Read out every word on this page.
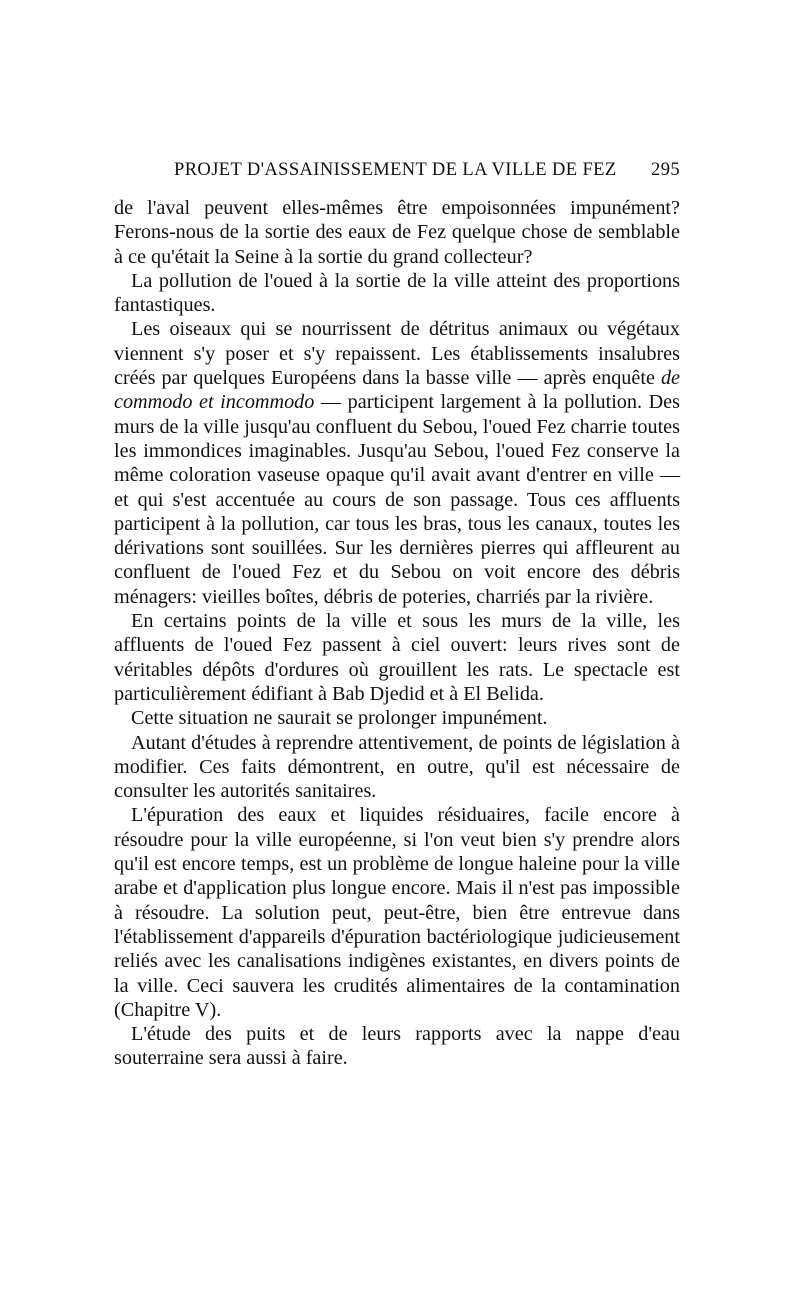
PROJET D'ASSAINISSEMENT DE LA VILLE DE FEZ 295

de l'aval peuvent elles-mêmes être empoisonnées impunément? Ferons-nous de la sortie des eaux de Fez quelque chose de semblable à ce qu'était la Seine à la sortie du grand collecteur?

La pollution de l'oued à la sortie de la ville atteint des proportions fantastiques.

Les oiseaux qui se nourrissent de détritus animaux ou végétaux viennent s'y poser et s'y repaissent. Les établissements insalubres créés par quelques Européens dans la basse ville — après enquête de commodo et incommodo — participent largement à la pollution. Des murs de la ville jusqu'au confluent du Sebou, l'oued Fez charrie toutes les immondices imaginables. Jusqu'au Sebou, l'oued Fez conserve la même coloration vaseuse opaque qu'il avait avant d'entrer en ville — et qui s'est accentuée au cours de son passage. Tous ces affluents participent à la pollution, car tous les bras, tous les canaux, toutes les dérivations sont souillées. Sur les dernières pierres qui affleurent au confluent de l'oued Fez et du Sebou on voit encore des débris ménagers: vieilles boîtes, débris de poteries, charriés par la rivière.

En certains points de la ville et sous les murs de la ville, les affluents de l'oued Fez passent à ciel ouvert: leurs rives sont de véritables dépôts d'ordures où grouillent les rats. Le spectacle est particulièrement édifiant à Bab Djedid et à El Belida.

Cette situation ne saurait se prolonger impunément.

Autant d'études à reprendre attentivement, de points de législation à modifier. Ces faits démontrent, en outre, qu'il est nécessaire de consulter les autorités sanitaires.

L'épuration des eaux et liquides résiduaires, facile encore à résoudre pour la ville européenne, si l'on veut bien s'y prendre alors qu'il est encore temps, est un problème de longue haleine pour la ville arabe et d'application plus longue encore. Mais il n'est pas impossible à résoudre. La solution peut, peut-être, bien être entrevue dans l'établissement d'appareils d'épuration bactériologique judicieusement reliés avec les canalisations indigènes existantes, en divers points de la ville. Ceci sauvera les crudités alimentaires de la contamination (Chapitre V).

L'étude des puits et de leurs rapports avec la nappe d'eau souterraine sera aussi à faire.
